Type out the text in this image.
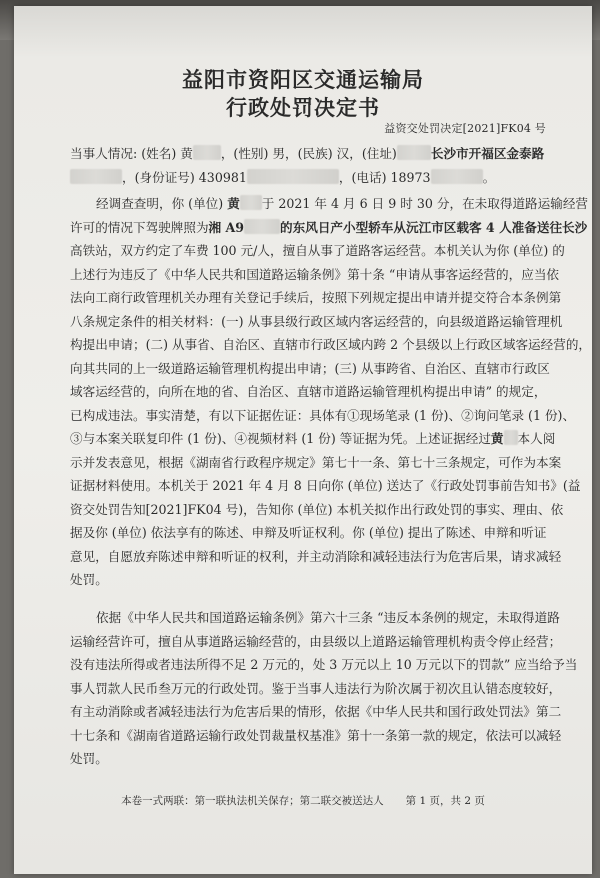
益阳市资阳区交通运输局
行政处罚决定书
益资交处罚决定[2021]FK04 号
当事人情况: (姓名) 黄 ，(性别) 男，(民族) 汉，(住址)	长沙市开福区金泰路
，(身份证号) 430981	，(电话) 18973	。
经调查查明，你 (单位) 黄 于 2021 年 4 月 6 日 9 时 30 分，在未取得道路运输经营
许可的情况下驾驶牌照为湘 A9	的东风日产小型轿车从沅江市区载客 4 人准备送往长沙
高铁站，双方约定了车费 100 元/人，擅自从事了道路客运经营。本机关认为你 (单位) 的
上述行为违反了《中华人民共和国道路运输条例》第十条 “申请从事客运经营的，应当依
法向工商行政管理机关办理有关登记手续后，按照下列规定提出申请并提交符合本条例第
八条规定条件的相关材料：(一) 从事县级行政区域内客运经营的，向县级道路运输管理机
构提出申请；(二) 从事省、自治区、直辖市行政区域内跨 2 个县级以上行政区域客运经营的，
向其共同的上一级道路运输管理机构提出申请；(三) 从事跨省、自治区、直辖市行政区
域客运经营的，向所在地的省、自治区、直辖市道路运输管理机构提出申请” 的规定，
已构成违法。事实清楚，有以下证据佐证：具体有①现场笔录 (1 份)、②询问笔录 (1 份)、
③与本案关联复印件 (1 份)、④视频材料 (1 份) 等证据为凭。上述证据经过黄 本人阅
示并发表意见，根据《湖南省行政程序规定》第七十一条、第七十三条规定，可作为本案
证据材料使用。本机关于 2021 年 4 月 8 日向你 (单位) 送达了《行政处罚事前告知书》(益
资交处罚告知[2021]FK04 号)，告知你 (单位) 本机关拟作出行政处罚的事实、理由、依
据及你 (单位) 依法享有的陈述、申辩及听证权利。你 (单位) 提出了陈述、申辩和听证
意见，自愿放弃陈述申辩和听证的权利，并主动消除和减轻违法行为危害后果，请求减轻
处罚。
依据《中华人民共和国道路运输条例》第六十三条 “违反本条例的规定，未取得道路
运输经营许可，擅自从事道路运输经营的，由县级以上道路运输管理机构责令停止经营；
没有违法所得或者违法所得不足 2 万元的，处 3 万元以上 10 万元以下的罚款” 应当给予当
事人罚款人民币叁万元的行政处罚。鉴于当事人违法行为阶次属于初次且认错态度较好，
有主动消除或者减轻违法行为危害后果的情形，依据《中华人民共和国行政处罚法》第二
十七条和《湖南省道路运输行政处罚裁量权基准》第十一条第一款的规定，依法可以减轻
处罚。
本卷一式两联：第一联执法机关保存；第二联交被送达人 第 1 页，共 2 页
